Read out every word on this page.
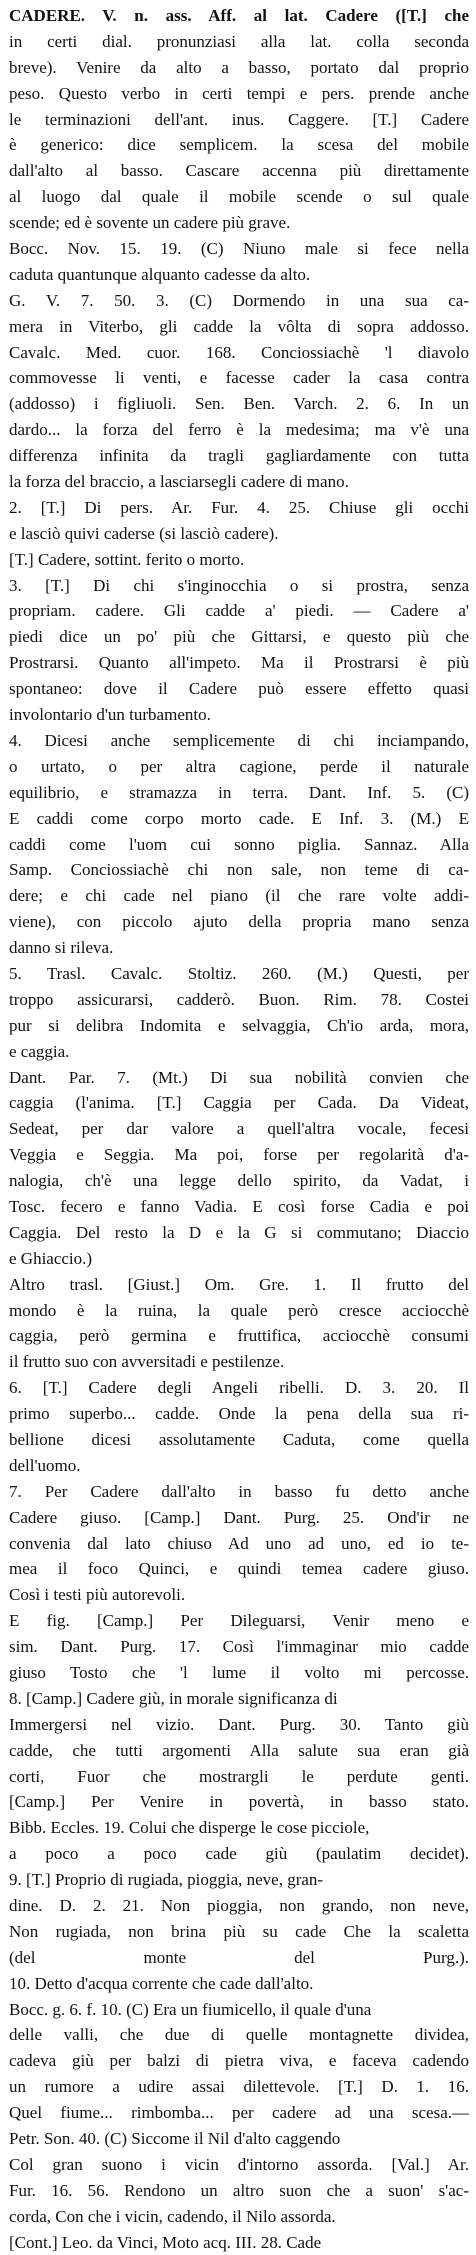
CADERE. V. n. ass. Aff. al lat. Cadere ([T.] che
in certi dial. pronunziasi alla lat. colla seconda
breve). Venire da alto a basso, portato dal proprio
peso. Questo verbo in certi tempi e pers. prende anche
le terminazioni dell'ant. inus. Caggere. [T.] Cadere
è generico: dice semplicem. la scesa del mobile
dall'alto al basso. Cascare accenna più direttamente
al luogo dal quale il mobile scende o sul quale
scende; ed è sovente un cadere più grave.
Bocc. Nov. 15. 19. (C) Niuno male si fece nella
caduta quantunque alquanto cadesse da alto.
G. V. 7. 50. 3. (C) Dormendo in una sua ca-
mera in Viterbo, gli cadde la vôlta di sopra addosso.
Cavalc. Med. cuor. 168. Conciossiachè 'l diavolo
commovesse li venti, e facesse cader la casa contra
(addosso) i figliuoli. Sen. Ben. Varch. 2. 6. In un
dardo... la forza del ferro è la medesima; ma v'è una
differenza infinita da tragli gagliardamente con tutta
la forza del braccio, a lasciarsegli cadere di mano.
2. [T.] Di pers. Ar. Fur. 4. 25. Chiuse gli occhi
e lasciò quivi caderse (si lasciò cadere).
[T.] Cadere, sottint. ferito o morto.
3. [T.] Di chi s'inginocchia o si prostra, senza
propriam. cadere. Gli cadde a' piedi. — Cadere a'
piedi dice un po' più che Gittarsi, e questo più che
Prostrarsi. Quanto all'impeto. Ma il Prostrarsi è più
spontaneo: dove il Cadere può essere effetto quasi
involontario d'un turbamento.
4. Dicesi anche semplicemente di chi inciampando,
o urtato, o per altra cagione, perde il naturale
equilibrio, e stramazza in terra. Dant. Inf. 5. (C)
E caddi come corpo morto cade. E Inf. 3. (M.) E
caddi come l'uom cui sonno piglia. Sannaz. Alla
Samp. Conciossiachè chi non sale, non teme di ca-
dere; e chi cade nel piano (il che rare volte addi-
viene), con piccolo ajuto della propria mano senza
danno si rileva.
5. Trasl. Cavalc. Stoltiz. 260. (M.) Questi, per
troppo assicurarsi, cadderò. Buon. Rim. 78. Costei
pur si delibra Indomita e selvaggia, Ch'io arda, mora,
e caggia.
Dant. Par. 7. (Mt.) Di sua nobilità convien che
caggia (l'anima. [T.] Caggia per Cada. Da Videat,
Sedeat, per dar valore a quell'altra vocale, fecesi
Veggia e Seggia. Ma poi, forse per regolarità d'a-
nalogia, ch'è una legge dello spirito, da Vadat, i
Tosc. fecero e fanno Vadia. E così forse Cadia e poi
Caggia. Del resto la D e la G si commutano; Diaccio
e Ghiaccio.)
Altro trasl. [Giust.] Om. Gre. 1. Il frutto del
mondo è la ruina, la quale però cresce acciocchè
caggia, però germina e fruttifica, acciocchè consumi
il frutto suo con avversitadi e pestilenze.
6. [T.] Cadere degli Angeli ribelli. D. 3. 20. Il
primo superbo... cadde. Onde la pena della sua ri-
bellione dicesi assolutamente Caduta, come quella
dell'uomo.
7. Per Cadere dall'alto in basso fu detto anche
Cadere giuso. [Camp.] Dant. Purg. 25. Ond'ir ne
convenia dal lato chiuso Ad uno ad uno, ed io te-
mea il foco Quinci, e quindi temea cadere giuso.
Così i testi più autorevoli.
E fig. [Camp.] Per Dileguarsi, Venir meno e
sim. Dant. Purg. 17. Così l'immaginar mio cadde
giuso Tosto che 'l lume il volto mi percosse.
8. [Camp.] Cadere giù, in morale significanza di
Immergersi nel vizio. Dant. Purg. 30. Tanto giù
cadde, che tutti argomenti Alla salute sua eran già
corti, Fuor che mostrargli le perdute genti.
[Camp.] Per Venire in povertà, in basso stato.
Bibb. Eccles. 19. Colui che disperge le cose picciole,
a poco a poco cade giù (paulatim decidet).
9. [T.] Proprio di rugiada, pioggia, neve, gran-
dine. D. 2. 21. Non pioggia, non grando, non neve,
Non rugiada, non brina più su cade Che la scaletta
(del monte del Purg.).
10. Detto d'acqua corrente che cade dall'alto.
Bocc. g. 6. f. 10. (C) Era un fiumicello, il quale d'una
delle valli, che due di quelle montagnette dividea,
cadeva giù per balzi di pietra viva, e faceva cadendo
un rumore a udire assai dilettevole. [T.] D. 1. 16.
Quel fiume... rimbomba... per cadere ad una scesa.—
Petr. Son. 40. (C) Siccome il Nil d'alto caggendo
Col gran suono i vicin d'intorno assorda. [Val.] Ar.
Fur. 16. 56. Rendono un altro suon che a suon' s'ac-
corda, Con che i vicin, cadendo, il Nilo assorda.
[Cont.] Leo. da Vinci, Moto acq. III. 28. Cade
